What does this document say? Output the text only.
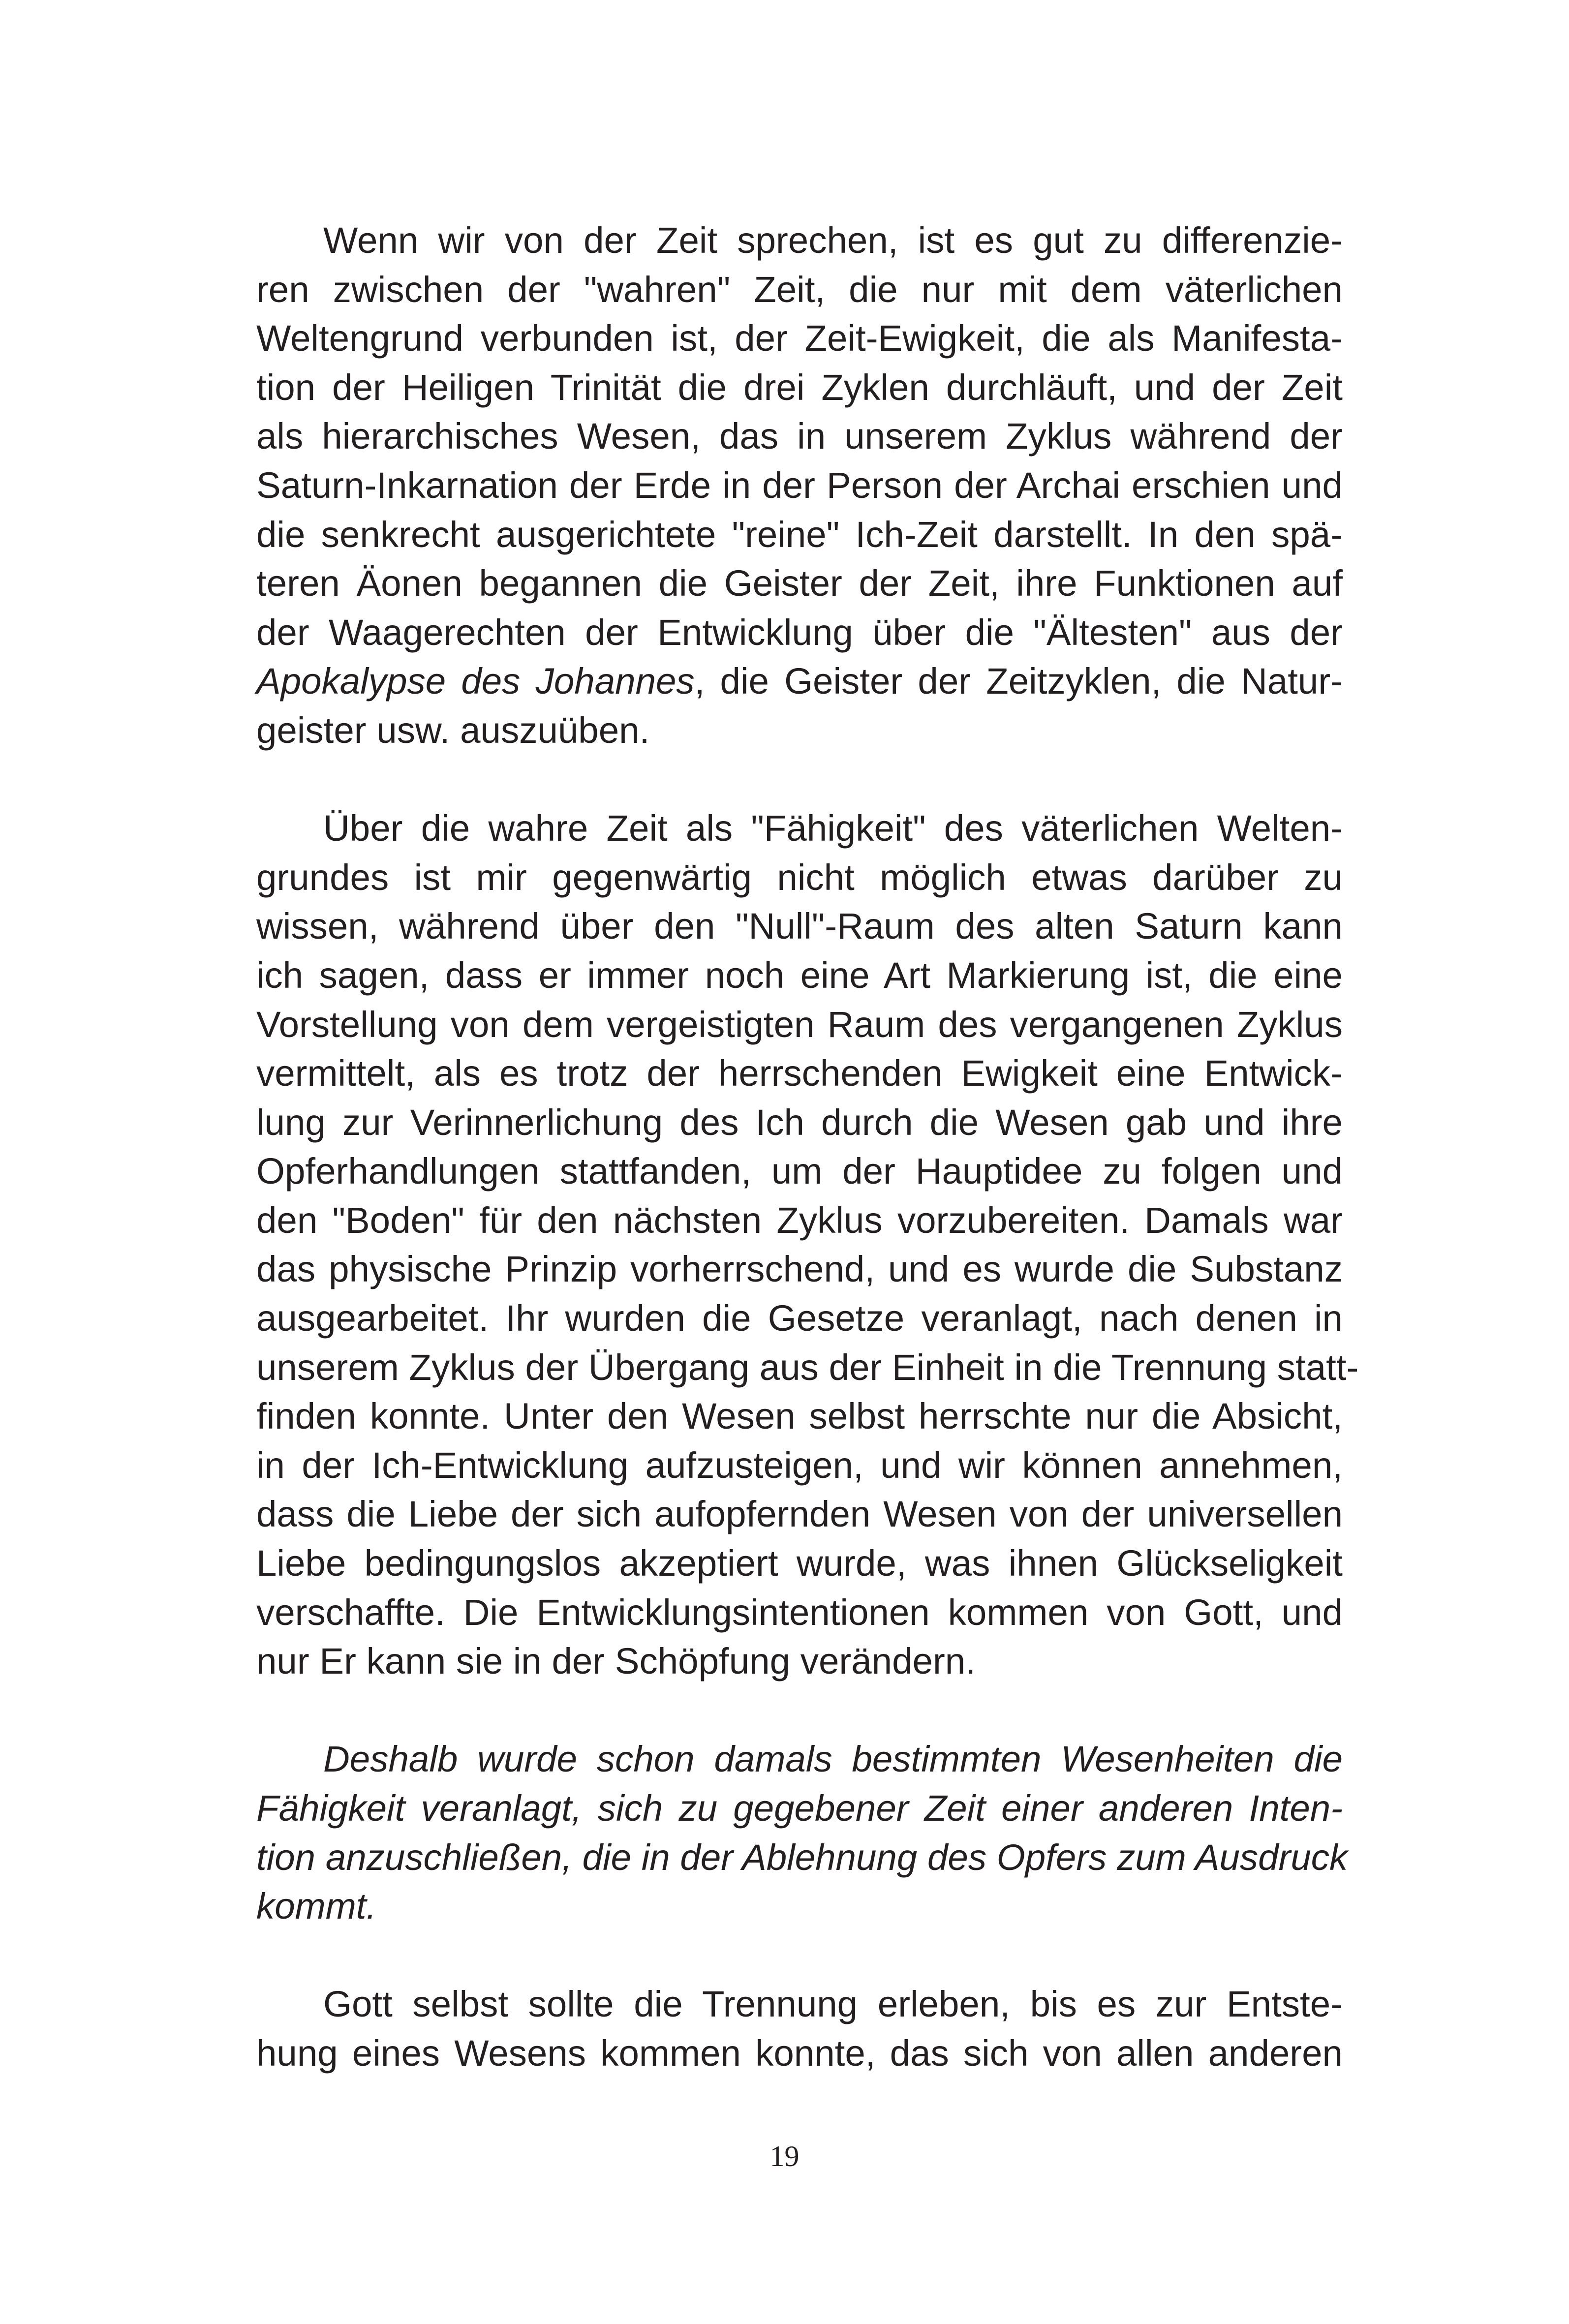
Wenn wir von der Zeit sprechen, ist es gut zu differenzie-
ren zwischen der "wahren" Zeit, die nur mit dem väterlichen
Weltengrund verbunden ist, der Zeit-Ewigkeit, die als Manifesta-
tion der Heiligen Trinität die drei Zyklen durchläuft, und der Zeit
als hierarchisches Wesen, das in unserem Zyklus während der
Saturn-Inkarnation der Erde in der Person der Archai erschien und
die senkrecht ausgerichtete "reine" Ich-Zeit darstellt. In den spä-
teren Äonen begannen die Geister der Zeit, ihre Funktionen auf
der Waagerechten der Entwicklung über die "Ältesten" aus der
Apokalypse des Johannes, die Geister der Zeitzyklen, die Natur-
geister usw. auszuüben.

Über die wahre Zeit als "Fähigkeit" des väterlichen Welten-
grundes ist mir gegenwärtig nicht möglich etwas darüber zu
wissen, während über den "Null"-Raum des alten Saturn kann
ich sagen, dass er immer noch eine Art Markierung ist, die eine
Vorstellung von dem vergeistigten Raum des vergangenen Zyklus
vermittelt, als es trotz der herrschenden Ewigkeit eine Entwick-
lung zur Verinnerlichung des Ich durch die Wesen gab und ihre
Opferhandlungen stattfanden, um der Hauptidee zu folgen und
den "Boden" für den nächsten Zyklus vorzubereiten. Damals war
das physische Prinzip vorherrschend, und es wurde die Substanz
ausgearbeitet. Ihr wurden die Gesetze veranlagt, nach denen in
unserem Zyklus der Übergang aus der Einheit in die Trennung statt-
finden konnte. Unter den Wesen selbst herrschte nur die Absicht,
in der Ich-Entwicklung aufzusteigen, und wir können annehmen,
dass die Liebe der sich aufopfernden Wesen von der universellen
Liebe bedingungslos akzeptiert wurde, was ihnen Glückseligkeit
verschaffte. Die Entwicklungsintentionen kommen von Gott, und
nur Er kann sie in der Schöpfung verändern.

Deshalb wurde schon damals bestimmten Wesenheiten die
Fähigkeit veranlagt, sich zu gegebener Zeit einer anderen Inten-
tion anzuschließen, die in der Ablehnung des Opfers zum Ausdruck
kommt.

Gott selbst sollte die Trennung erleben, bis es zur Entste-
hung eines Wesens kommen konnte, das sich von allen anderen

19
